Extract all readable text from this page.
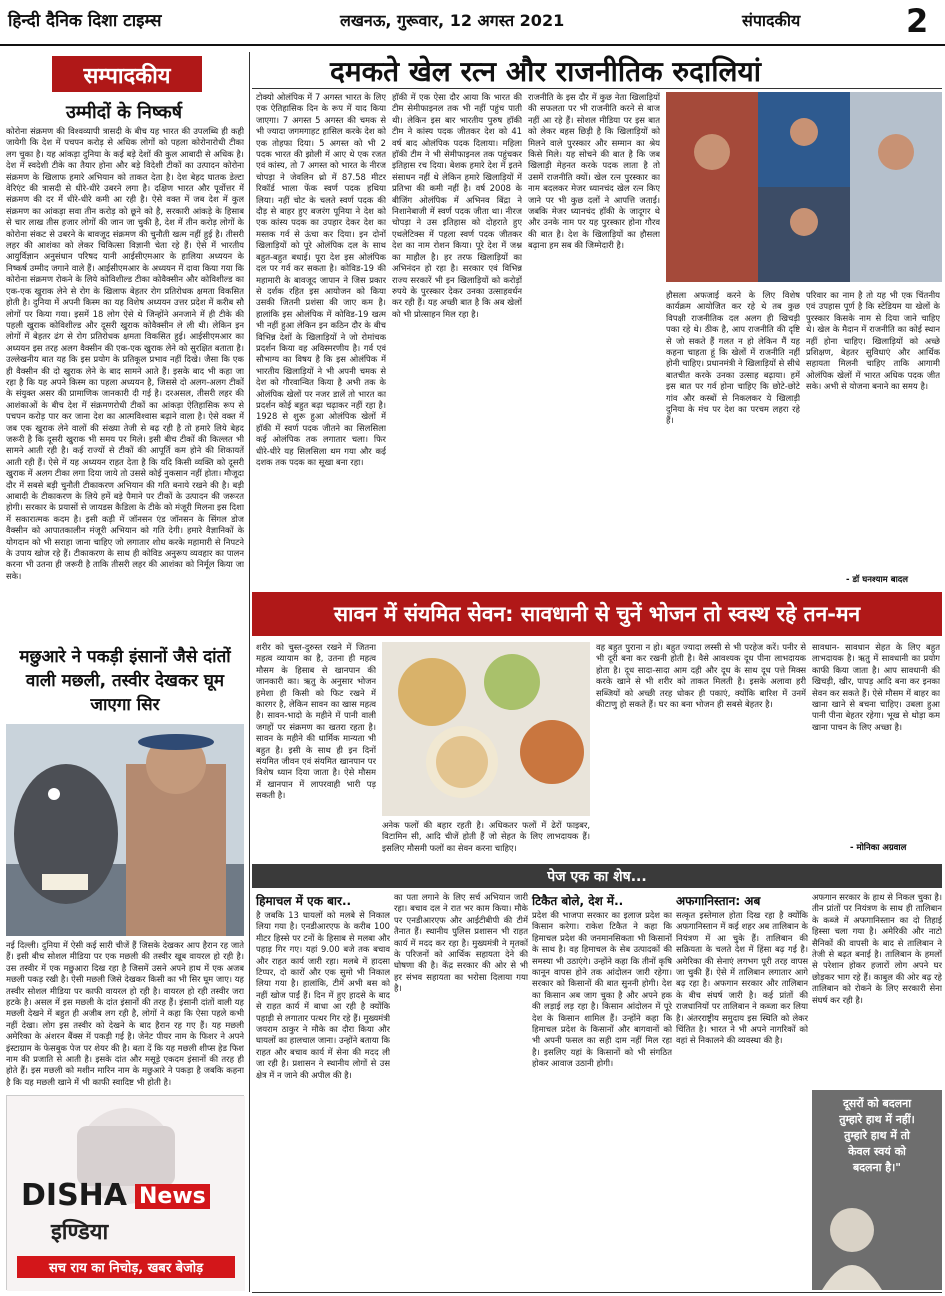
हिन्दी दैनिक दिशा टाइम्स	लखनऊ, गुरूवार, 12 अगस्त 2021	संपादकीय	2
सम्पादकीय
उम्मीदों के निष्कर्ष
कोरोना संक्रमण की विश्वव्यापी त्रासदी के बीच यह भारत की उपलब्धि ही कही जायेगी कि देश में पचपन करोड़ से अधिक लोगों को पहला कोरोनारोधी टीका लग चुका है। यह आंकड़ा दुनिया के कई बड़े देशों की कुल आबादी से अधिक है। देश में स्वदेशी टीके का तैयार होना और बड़े विदेशी टीकों का उत्पादन कोरोना संक्रमण के खिलाफ हमारे अभियान को ताकत देता है। देश बेहद घातक डेल्टा वेरिएंट की त्रासदी से धीरे-धीरे उबरने लगा है। दक्षिण भारत और पूर्वोत्तर में संक्रमण की दर में धीरे-धीरे कमी आ रही है। ऐसे वक्त में जब देश में कुल संक्रमण का आंकड़ा सवा तीन करोड़ को छूने को है, सरकारी आंकड़े के हिसाब से चार लाख तीस हजार लोगों की जान जा चुकी है, देश में तीन करोड़ लोगों के कोरोना संकट से उबरने के बावजूद संक्रमण की चुनौती खत्म नहीं हुई है। तीसरी लहर की आशंका को लेकर चिकित्सा विज्ञानी चेता रहे हैं। ऐसे में भारतीय आयुर्विज्ञान अनुसंधान परिषद यानी आईसीएमआर के हालिया अध्ययन के निष्कर्ष उम्मीद जगाने वाले हैं। आईसीएमआर के अध्ययन में दावा किया गया कि कोरोना संक्रमण रोकने के लिये कोविशील्ड टीका कोवैक्सीन और कोविशील्ड का एक-एक खुराक लेने से रोग के खिलाफ बेहतर रोग प्रतिरोधक क्षमता विकसित होती है। दुनिया में अपनी किस्म का यह विशेष अध्ययन उत्तर प्रदेश में करीब सौ लोगों पर किया गया। इसमें 18 लोग ऐसे थे जिन्होंने अनजाने में ही टीके की पहली खुराक कोविशील्ड और दूसरी खुराक कोवैक्सीन ले ली थी। लेकिन इन लोगों में बेहतर ढंग से रोग प्रतिरोधक क्षमता विकसित हुई। आईसीएमआर का अध्ययन इस तरह अलग वैक्सीन की एक-एक खुराक लेने को सुरक्षित बताता है। उल्लेखनीय बात यह कि इस प्रयोग के प्रतिकूल प्रभाव नहीं दिखे। जैसा कि एक ही वैक्सीन की दो खुराक लेने के बाद सामने आते हैं। इसके बाद भी कहा जा रहा है कि यह अपने किस्म का पहला अध्ययन है, जिससे दो अलग-अलग टीकों के संयुक्त असर की प्रामाणिक जानकारी दी गई है। दरअसल, तीसरी लहर की आशंकाओं के बीच देश में संक्रमणरोधी टीकों का आंकड़ा ऐतिहासिक रूप से पचपन करोड़ पार कर जाना देश का आत्मविश्वास बढ़ाने वाला है। ऐसे वक्त में जब एक खुराक लेने वालों की संख्या तेजी से बढ़ रही है तो हमारे लिये बेहद जरूरी है कि दूसरी खुराक भी समय पर मिले। इसी बीच टीकों की किल्लत भी सामने आती रही है। कई राज्यों से टीकों की आपूर्ति कम होने की शिकायतें आती रही हैं। ऐसे में यह अध्ययन राहत देता है कि यदि किसी व्यक्ति को दूसरी खुराक में अलग टीका लगा दिया जाये तो उससे कोई नुकसान नहीं होता। मौजूदा दौर में सबसे बड़ी चुनौती टीकाकरण अभियान की गति बनाये रखने की है। बड़ी आबादी के टीकाकरण के लिये हमें बड़े पैमाने पर टीकों के उत्पादन की जरूरत होगी। सरकार के प्रयासों से जायडस कैडिला के टीके को मंजूरी मिलना इस दिशा में सकारात्मक कदम है। इसी कड़ी में जॉनसन एंड जॉनसन के सिंगल डोज वैक्सीन को आपातकालीन मंजूरी अभियान को गति देगी। हमारे वैज्ञानिकों के योगदान को भी सराहा जाना चाहिए जो लगातार शोध करके महामारी से निपटने के उपाय खोज रहे हैं। टीकाकरण के साथ ही कोविड अनुरूप व्यवहार का पालन करना भी उतना ही जरूरी है ताकि तीसरी लहर की आशंका को निर्मूल किया जा सके।
मछुआरे ने पकड़ी इंसानों जैसे दांतों वाली मछली, तस्वीर देखकर घूम जाएगा सिर
नई दिल्ली। दुनिया में ऐसी कई सारी चीजें हैं जिसके देखकर आप हैरान रह जाते हैं। इसी बीच सोशल मीडिया पर एक मछली की तस्वीर खूब वायरल हो रही है। उस तस्वीर में एक मछुआरा दिख रहा है जिसमें उसने अपने हाथ में एक अजब मछली पकड़ रखी है। ऐसी मछली जिसे देखकर किसी का भी सिर घूम जाए। यह तस्वीर सोशल मीडिया पर काफी वायरल हो रही है। वायरल हो रही तस्वीर जरा हटके है। असल में इस मछली के दांत इंसानों की तरह हैं। इंसानी दांतों वाली यह मछली देखने में बहुत ही अजीब लग रही है, लोगों ने कहा कि ऐसा पहले कभी नहीं देखा। लोग इस तस्वीर को देखने के बाद हैरान रह गए हैं। यह मछली अमेरिका के अंशरन बैंक्स में पकड़ी गई है। जेनेट पीयर नाम के फिशर ने अपने इंस्टाग्राम के फेसबुक पेज पर शेयर की है। बता दें कि यह मछली शीप्स हेड फिश नाम की प्रजाति से आती है। इसके दांत और मसूड़े एकदम इंसानों की तरह ही होते हैं। इस मछली को मशीन मारिन नाम के मछुआरे ने पकड़ा है जबकि कहना है कि यह मछली खाने में भी काफी स्वादिष्ट भी होती है।
DISHA News
इण्डिया
सच राय का निचोड़, खबर बेजोड़
दमकते खेल रत्न और राजनीतिक रुदालियां
टोक्यो ओलंपिक में 7 अगस्त भारत के लिए एक ऐतिहासिक दिन के रूप में याद किया जाएगा। 7 अगस्त 5 अगस्त की चमक से भी ज्यादा जगमगाहट हासिल करके देश को एक तोहफा दिया। 5 अगस्त को भी 2 पदक भारत की झोली में आए थे एक रजत एवं कांस्य, तो 7 अगस्त को भारत के नीरज चोपड़ा ने जेवलिन थ्रो में 87.58 मीटर रिकॉर्ड भाला फेंक स्वर्ण पदक हथिया लिया। नहीं चोट के चलते स्वर्ण पदक की दौड़ से बाहर हुए बजरंग पूनिया ने देश को एक कांस्य पदक का उपहार देकर देश का मस्तक गर्व से ऊंचा कर दिया। इन दोनों खिलाड़ियों को पूरे ओलंपिक दल के साथ बहुत-बहुत बधाई। पूरा देश इस ओलंपिक दल पर गर्व कर सकता है। कोविड-19 की महामारी के बावजूद जापान ने जिस प्रकार से दर्शक रहित इस आयोजन को किया उसकी जितनी प्रशंसा की जाए कम है। हालांकि इस ओलंपिक में कोविड-19 खत्म भी नहीं हुआ लेकिन इन कठिन दौर के बीच विभिन्न देशों के खिलाड़ियों ने जो रोमांचक प्रदर्शन किया वह अविस्मरणीय है। गर्व एवं सौभाग्य का विषय है कि इस ओलंपिक में भारतीय खिलाड़ियों ने भी अपनी चमक से देश को गौरवान्वित किया है अभी तक के ओलंपिक खेलों पर नजर डालें तो भारत का प्रदर्शन कोई बहुत बढ़ा चढ़ाकर नहीं रहा है। 1928 से शुरू हुआ ओलंपिक खेलों में हॉकी में स्वर्ण पदक जीतने का सिलसिला कई ओलंपिक तक लगातार चला। फिर धीरे-धीरे यह सिलसिला थम गया और कई दशक तक पदक का सूखा बना रहा।
हॉकी में एक ऐसा दौर आया कि भारत की टीम सेमीफाइनल तक भी नहीं पहुंच पाती थी। लेकिन इस बार भारतीय पुरुष हॉकी टीम ने कांस्य पदक जीतकर देश को 41 वर्ष बाद ओलंपिक पदक दिलाया। महिला हॉकी टीम ने भी सेमीफाइनल तक पहुंचकर इतिहास रच दिया। बेशक हमारे देश में इतने संसाधन नहीं थे लेकिन हमारे खिलाड़ियों में प्रतिभा की कमी नहीं है। वर्ष 2008 के बीजिंग ओलंपिक में अभिनव बिंद्रा ने निशानेबाजी में स्वर्ण पदक जीता था। नीरज चोपड़ा ने उस इतिहास को दोहराते हुए एथलेटिक्स में पहला स्वर्ण पदक जीतकर देश का नाम रोशन किया। पूरे देश में जश्न का माहौल है। हर तरफ खिलाड़ियों का अभिनंदन हो रहा है। सरकार एवं विभिन्न राज्य सरकारें भी इन खिलाड़ियों को करोड़ों रुपये के पुरस्कार देकर उनका उत्साहवर्धन कर रही हैं। यह अच्छी बात है कि अब खेलों को भी प्रोत्साहन मिल रहा है।
राजनीति के इस दौर में कुछ नेता खिलाड़ियों की सफलता पर भी राजनीति करने से बाज नहीं आ रहे हैं। सोशल मीडिया पर इस बात को लेकर बहस छिड़ी है कि खिलाड़ियों को मिलने वाले पुरस्कार और सम्मान का श्रेय किसे मिले। यह सोचने की बात है कि जब खिलाड़ी मेहनत करके पदक लाता है तो उसमें राजनीति क्यों। खेल रत्न पुरस्कार का नाम बदलकर मेजर ध्यानचंद खेल रत्न किए जाने पर भी कुछ दलों ने आपत्ति जताई। जबकि मेजर ध्यानचंद हॉकी के जादूगर थे और उनके नाम पर यह पुरस्कार होना गौरव की बात है। देश के खिलाड़ियों का हौसला बढ़ाना हम सब की जिम्मेदारी है।
हौसला अफजाई करने के लिए विशेष कार्यक्रम आयोजित कर रहे थे तब कुछ विपक्षी राजनीतिक दल अलग ही खिचड़ी पका रहे थे। ठीक है, आप राजनीति की दृष्टि से जो सकते हैं गलत न हो लेकिन मैं यह कहना चाहता हूं कि खेलों में राजनीति नहीं होनी चाहिए। प्रधानमंत्री ने खिलाड़ियों से सीधे बातचीत करके उनका उत्साह बढ़ाया। हमें इस बात पर गर्व होना चाहिए कि छोटे-छोटे गांव और कस्बों से निकलकर ये खिलाड़ी दुनिया के मंच पर देश का परचम लहरा रहे हैं।
परिवार का नाम है तो यह भी एक चिंतनीय एवं उपहास पूर्ण है कि स्टेडियम या खेलों के पुरस्कार किसके नाम से दिया जाने चाहिए थे। खेल के मैदान में राजनीति का कोई स्थान नहीं होना चाहिए। खिलाड़ियों को अच्छे प्रशिक्षण, बेहतर सुविधाएं और आर्थिक सहायता मिलनी चाहिए ताकि आगामी ओलंपिक खेलों में भारत अधिक पदक जीत सके। अभी से योजना बनाने का समय है।
- डॉ घनश्याम बादल
सावन में संयमित सेवन: सावधानी से चुनें भोजन तो स्वस्थ रहे तन-मन
शरीर को चुस्त-दुरुस्त रखने में जितना महत्व व्यायाम का है, उतना ही महत्व मौसम के हिसाब से खानपान की जानकारी का। ऋतु के अनुसार भोजन हमेशा ही किसी को फिट रखने में कारगर है, लेकिन सावन का खास महत्व है। सावन-भादो के महीने में पानी वाली जगहों पर संक्रमण का खतरा रहता है। सावन के महीने की धार्मिक मान्यता भी बहुत है। इसी के साथ ही इन दिनों संयमित जीवन एवं संयमित खानपान पर विशेष ध्यान दिया जाता है। ऐसे मौसम में खानपान में लापरवाही भारी पड़ सकती है।
अनेक फलों की बहार रहती है। अधिकतर फलों में ढेरों फाइबर, विटामिन सी, आदि चीजें होती हैं जो सेहत के लिए लाभदायक हैं। इसलिए मौसमी फलों का सेवन करना चाहिए।
वह बहुत पुराना न हो। बहुत ज्यादा लस्सी से भी परहेज करें। पनीर से भी दूरी बना कर रखनी होती है। वैसे आवश्यक दूध पीना लाभदायक होता है। दूध सादा-सादा आम दही और दूध के साथ दूध पत्ते मिक्स करके खाने से भी शरीर को ताकत मिलती है। इसके अलावा हरी सब्जियों को अच्छी तरह धोकर ही पकाएं, क्योंकि बारिश में उनमें कीटाणु हो सकते हैं। घर का बना भोजन ही सबसे बेहतर है।
सावधान- सावधान सेहत के लिए बहुत लाभदायक है। ऋतु में सावधानी का प्रयोग काफी किया जाता है। आप सावधानी की खिचड़ी, खीर, पापड़ आदि बना कर इनका सेवन कर सकते हैं। ऐसे मौसम में बाहर का खाना खाने से बचना चाहिए। उबला हुआ पानी पीना बेहतर रहेगा। भूख से थोड़ा कम खाना पाचन के लिए अच्छा है।
- मोनिका अग्रवाल
पेज एक का शेष...
हिमाचल में एक बार..
है जबकि 13 घायलों को मलबे से निकाल लिया गया है। एनडीआरएफ के करीब 100 मीटर हिस्से पर टनों के हिसाब से मलबा और पहाड़ गिर गए। यहां 9.00 बजे तक बचाव और राहत कार्य जारी रहा। मलबे में हादसा टिप्पर, दो कारों और एक सुमो भी निकाल लिया गया है। हालांकि, टीमें अभी बस को नहीं खोज पाईं हैं। दिन में हुए हादसे के बाद से राहत कार्य में बाधा आ रही है क्योंकि पहाड़ी से लगातार पत्थर गिर रहे हैं। मुख्यमंत्री जयराम ठाकुर ने मौके का दौरा किया और घायलों का हालचाल जाना। उन्होंने बताया कि राहत और बचाव कार्य में सेना की मदद ली जा रही है। प्रशासन ने स्थानीय लोगों से उस क्षेत्र में न जाने की अपील की है।
का पता लगाने के लिए सर्च अभियान जारी रहा। बचाव दल ने रात भर काम किया। मौके पर एनडीआरएफ और आईटीबीपी की टीमें तैनात हैं। स्थानीय पुलिस प्रशासन भी राहत कार्य में मदद कर रहा है। मुख्यमंत्री ने मृतकों के परिजनों को आर्थिक सहायता देने की घोषणा की है। केंद्र सरकार की ओर से भी हर संभव सहायता का भरोसा दिलाया गया है।
टिकैत बोले, देश में..
प्रदेश की भाजपा सरकार का इलाज प्रदेश का किसान करेगा। राकेश टिकैत ने कहा कि हिमाचल प्रदेश की जनमानसिकता भी किसानों के साथ है। वह हिमाचल के सेब उत्पादकों की समस्या भी उठाएंगे। उन्होंने कहा कि तीनों कृषि कानून वापस होने तक आंदोलन जारी रहेगा। सरकार को किसानों की बात सुननी होगी। देश का किसान अब जाग चुका है और अपने हक की लड़ाई लड़ रहा है। किसान आंदोलन में पूरे देश के किसान शामिल हैं। उन्होंने कहा कि हिमाचल प्रदेश के किसानों और बागवानों को भी अपनी फसल का सही दाम नहीं मिल रहा है। इसलिए यहां के किसानों को भी संगठित होकर आवाज उठानी होगी।
अफगानिस्तान: अब
सत्कृत इस्तेमाल होता दिख रहा है क्योंकि अफगानिस्तान में कई शहर अब तालिबान के नियंत्रण में आ चुके हैं। तालिबान की सक्रियता के चलते देश में हिंसा बढ़ गई है। अमेरिका की सेनाएं लगभग पूरी तरह वापस जा चुकी हैं। ऐसे में तालिबान लगातार आगे बढ़ रहा है। अफगान सरकार और तालिबान के बीच संघर्ष जारी है। कई प्रांतों की राजधानियों पर तालिबान ने कब्जा कर लिया है। अंतरराष्ट्रीय समुदाय इस स्थिति को लेकर चिंतित है। भारत ने भी अपने नागरिकों को वहां से निकालने की व्यवस्था की है।
अफगान सरकार के हाथ से निकल चुका है। तीन प्रांतों पर नियंत्रण के साथ ही तालिबान के कब्जे में अफगानिस्तान का दो तिहाई हिस्सा चला गया है। अमेरिकी और नाटो सैनिकों की वापसी के बाद से तालिबान ने तेजी से बढ़त बनाई है। तालिबान के हमलों से परेशान होकर हजारों लोग अपने घर छोड़कर भाग रहे हैं। काबुल की ओर बढ़ रहे तालिबान को रोकने के लिए सरकारी सेना संघर्ष कर रही है।
दूसरों को बदलना
तुम्हारे हाथ में नहीं।
तुम्हारे हाथ में तो
केवल स्वयं को
बदलना है।"
